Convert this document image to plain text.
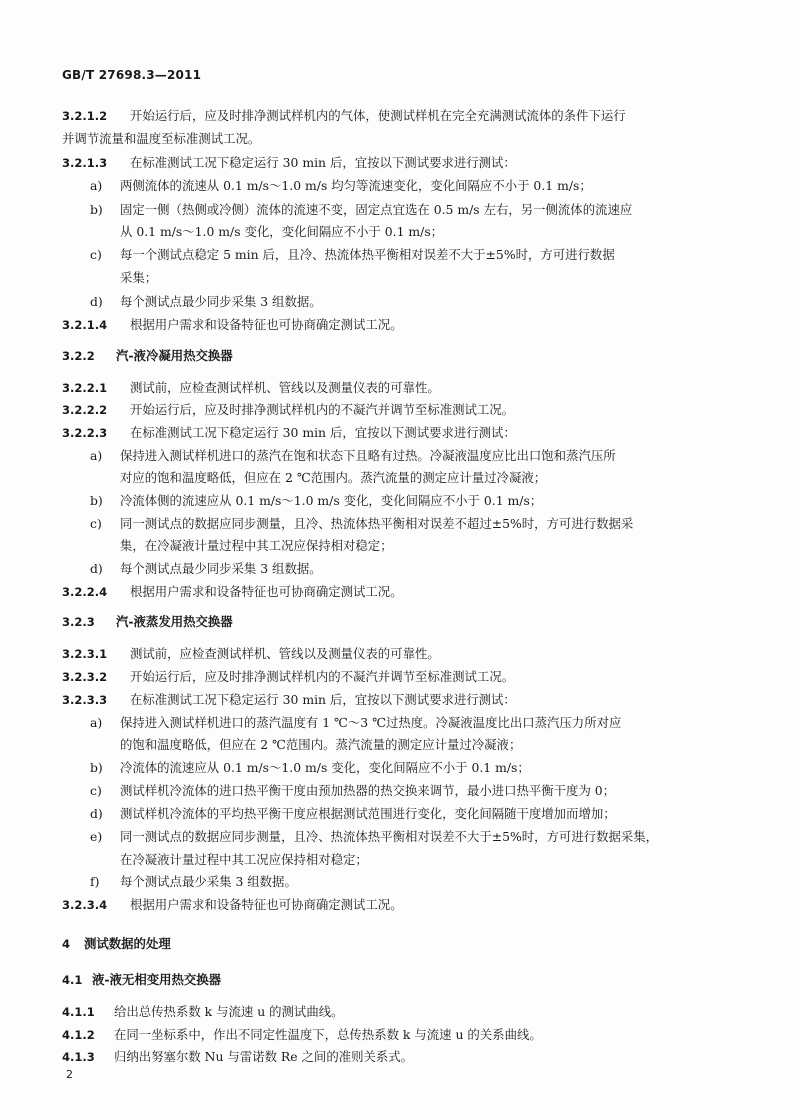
GB/T 27698.3—2011
3.2.1.2 开始运行后，应及时排净测试样机内的气体，使测试样机在完全充满测试流体的条件下运行
并调节流量和温度至标准测试工况。
3.2.1.3 在标准测试工况下稳定运行 30 min 后，宜按以下测试要求进行测试：
a) 两侧流体的流速从 0.1 m/s～1.0 m/s 均匀等流速变化，变化间隔应不小于 0.1 m/s；
b) 固定一侧（热侧或冷侧）流体的流速不变，固定点宜选在 0.5 m/s 左右，另一侧流体的流速应
从 0.1 m/s～1.0 m/s 变化，变化间隔应不小于 0.1 m/s；
c) 每一个测试点稳定 5 min 后，且冷、热流体热平衡相对误差不大于±5%时，方可进行数据
采集；
d) 每个测试点最少同步采集 3 组数据。
3.2.1.4 根据用户需求和设备特征也可协商确定测试工况。
3.2.2 汽-液冷凝用热交换器
3.2.2.1 测试前，应检查测试样机、管线以及测量仪表的可靠性。
3.2.2.2 开始运行后，应及时排净测试样机内的不凝汽并调节至标准测试工况。
3.2.2.3 在标准测试工况下稳定运行 30 min 后，宜按以下测试要求进行测试：
a) 保持进入测试样机进口的蒸汽在饱和状态下且略有过热。冷凝液温度应比出口饱和蒸汽压所
对应的饱和温度略低，但应在 2 ℃范围内。蒸汽流量的测定应计量过冷凝液；
b) 冷流体侧的流速应从 0.1 m/s～1.0 m/s 变化，变化间隔应不小于 0.1 m/s；
c) 同一测试点的数据应同步测量，且冷、热流体热平衡相对误差不超过±5%时，方可进行数据采
集，在冷凝液计量过程中其工况应保持相对稳定；
d) 每个测试点最少同步采集 3 组数据。
3.2.2.4 根据用户需求和设备特征也可协商确定测试工况。
3.2.3 汽-液蒸发用热交换器
3.2.3.1 测试前，应检查测试样机、管线以及测量仪表的可靠性。
3.2.3.2 开始运行后，应及时排净测试样机内的不凝汽并调节至标准测试工况。
3.2.3.3 在标准测试工况下稳定运行 30 min 后，宜按以下测试要求进行测试：
a) 保持进入测试样机进口的蒸汽温度有 1 ℃～3 ℃过热度。冷凝液温度比出口蒸汽压力所对应
的饱和温度略低，但应在 2 ℃范围内。蒸汽流量的测定应计量过冷凝液；
b) 冷流体的流速应从 0.1 m/s～1.0 m/s 变化，变化间隔应不小于 0.1 m/s；
c) 测试样机冷流体的进口热平衡干度由预加热器的热交换来调节，最小进口热平衡干度为 0；
d) 测试样机冷流体的平均热平衡干度应根据测试范围进行变化，变化间隔随干度增加而增加；
e) 同一测试点的数据应同步测量，且冷、热流体热平衡相对误差不大于±5%时，方可进行数据采集，
在冷凝液计量过程中其工况应保持相对稳定；
f) 每个测试点最少采集 3 组数据。
3.2.3.4 根据用户需求和设备特征也可协商确定测试工况。
4 测试数据的处理
4.1 液-液无相变用热交换器
4.1.1 给出总传热系数 k 与流速 u 的测试曲线。
4.1.2 在同一坐标系中，作出不同定性温度下，总传热系数 k 与流速 u 的关系曲线。
4.1.3 归纳出努塞尔数 Nu 与雷诺数 Re 之间的准则关系式。
2
